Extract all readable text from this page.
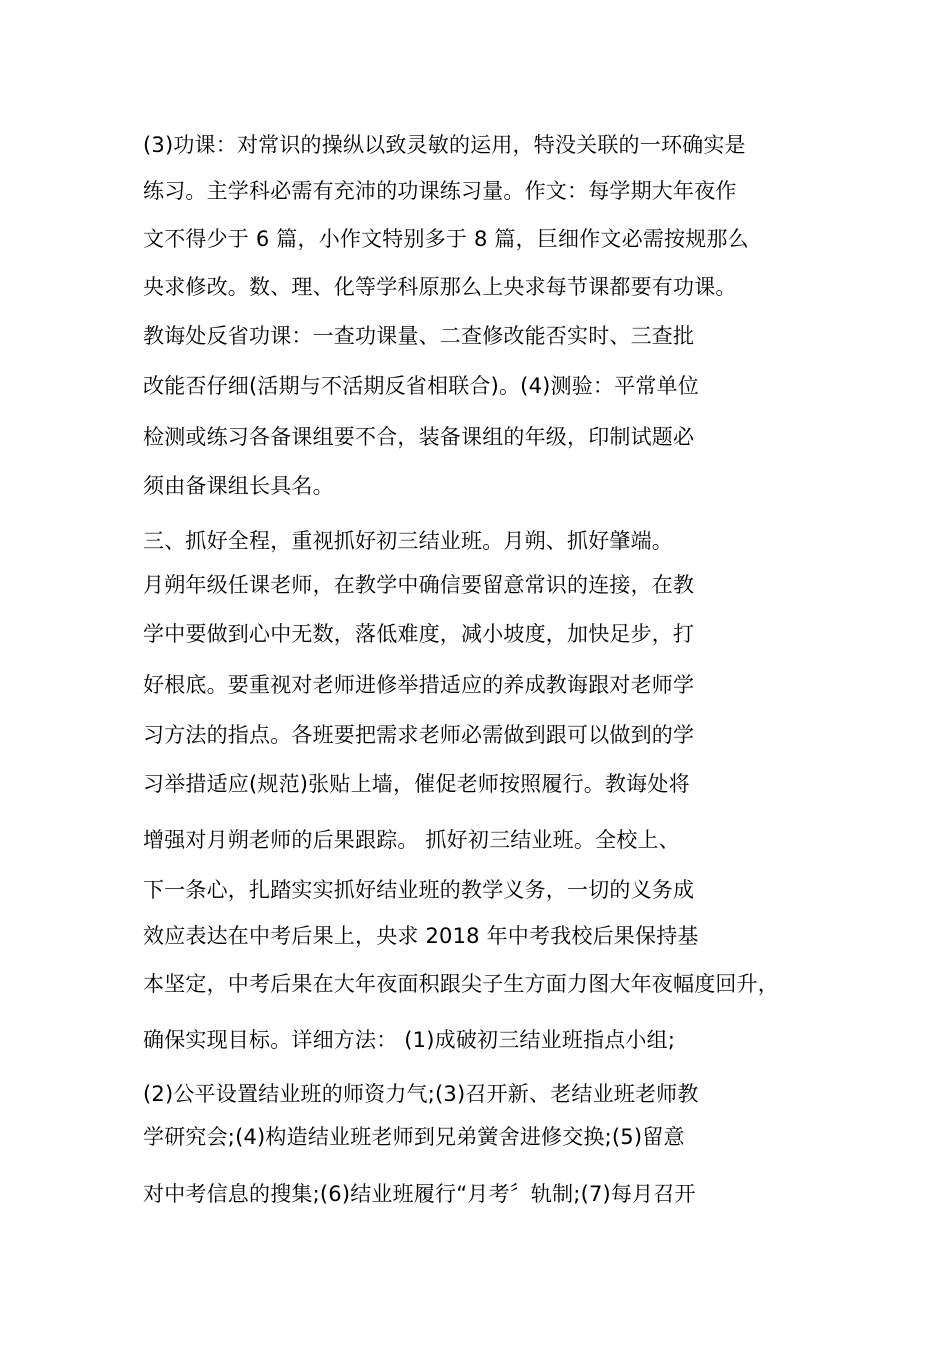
(3)功课：对常识的操纵以致灵敏的运用，特没关联的一环确实是
练习。主学科必需有充沛的功课练习量。作文：每学期大年夜作
文不得少于 6 篇，小作文特别多于 8 篇，巨细作文必需按规那么
央求修改。数、理、化等学科原那么上央求每节课都要有功课。
教诲处反省功课：一查功课量、二查修改能否实时、三查批
改能否仔细(活期与不活期反省相联合)。(4)测验：平常单位
检测或练习各备课组要不合，装备课组的年级，印制试题必
须由备课组长具名。
三、抓好全程，重视抓好初三结业班。月朔、抓好肇端。
月朔年级任课老师，在教学中确信要留意常识的连接，在教
学中要做到心中无数，落低难度，减小坡度，加快足步，打
好根底。要重视对老师进修举措适应的养成教诲跟对老师学
习方法的指点。各班要把需求老师必需做到跟可以做到的学
习举措适应(规范)张贴上墙，催促老师按照履行。教诲处将
增强对月朔老师的后果跟踪。 抓好初三结业班。全校上、
下一条心，扎踏实实抓好结业班的教学义务，一切的义务成
效应表达在中考后果上，央求 2018 年中考我校后果保持基
本坚定，中考后果在大年夜面积跟尖子生方面力图大年夜幅度回升，
确保实现目标。详细方法： (1)成破初三结业班指点小组;
(2)公平设置结业班的师资力气;(3)召开新、老结业班老师教
学研究会;(4)构造结业班老师到兄弟黉舍进修交换;(5)留意
对中考信息的搜集;(6)结业班履行“月考〞轨制;(7)每月召开
